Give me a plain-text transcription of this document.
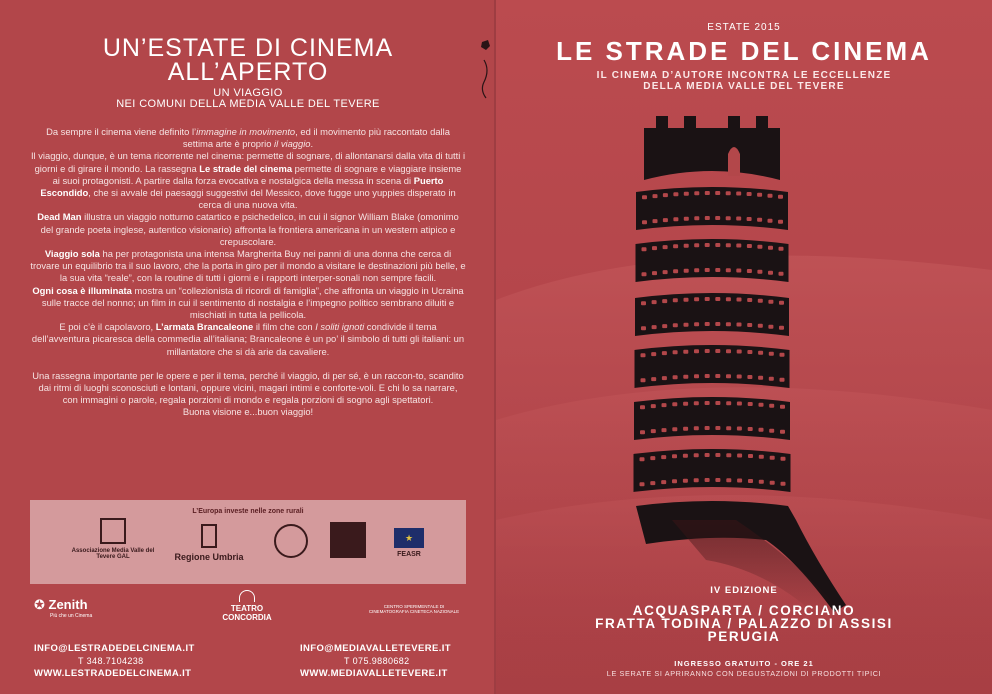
UN’ESTATE DI CINEMA
ALL’APERTO
UN VIAGGIO
NEI COMUNI DELLA MEDIA VALLE DEL TEVERE

Da sempre il cinema viene definito l’immagine in movimento, ed il movimento più raccontato dalla settima arte è proprio il viaggio.

Il viaggio, dunque, è un tema ricorrente nel cinema: permette di sognare, di allontanarsi dalla vita di tutti i giorni e di girare il mondo. La rassegna Le strade del cinema permette di sognare e viaggiare insieme ai suoi protagonisti. A partire dalla forza evocativa e nostalgica della messa in scena di Puerto Escondido, che si avvale dei paesaggi suggestivi del Messico, dove fugge uno yuppies disperato in cerca di una nuova vita.

Dead Man illustra un viaggio notturno catartico e psichedelico, in cui il signor William Blake (omonimo del grande poeta inglese, autentico visionario) affronta la frontiera americana in un western atipico e crepuscolare.

Viaggio sola ha per protagonista una intensa Margherita Buy nei panni di una donna che cerca di trovare un equilibrio tra il suo lavoro, che la porta in giro per il mondo a visitare le destinazioni più belle, e la sua vita “reale”, con la routine di tutti i giorni e i rapporti interper-sonali non sempre facili.

Ogni cosa è illuminata mostra un “collezionista di ricordi di famiglia”, che affronta un viaggio in Ucraina sulle tracce del nonno; un film in cui il sentimento di nostalgia e l’impegno politico sembrano diluiti e mischiati in tutta la pellicola.

E poi c’è il capolavoro, L’armata Brancaleone il film che con I soliti ignoti condivide il tema dell’avventura picaresca della commedia all’italiana; Brancaleone è un po’ il simbolo di tutti gli italiani: un millantatore che si dà arie da cavaliere.

Una rassegna importante per le opere e per il tema, perché il viaggio, di per sé, è un raccon-to, scandito dai ritmi di luoghi sconosciuti e lontani, oppure vicini, magari intimi e conforte-voli. E chi lo sa narrare, con immagini o parole, regala porzioni di mondo e regala porzioni di sogno agli spettatori.

Buona visione e...buon viaggio!

L’Europa investe nelle zone rurali
Associazione Media Valle del Tevere GAL	Regione Umbria
★
FEASR
✪ Zenith
Più che un Cinema
TEATRO
CONCORDIA
CENTRO SPERIMENTALE DI CINEMATOGRAFIA CINETECA NAZIONALE
INFO@LESTRADEDELCINEMA.IT
T 348.7104238
WWW.LESTRADEDELCINEMA.IT
INFO@MEDIAVALLETEVERE.IT
T 075.9880682
WWW.MEDIAVALLETEVERE.IT
ESTATE 2015
LE STRADE DEL CINEMA
IL CINEMA D’AUTORE INCONTRA LE ECCELLENZE
DELLA MEDIA VALLE DEL TEVERE
IV EDIZIONE
ACQUASPARTA / CORCIANO
FRATTA TODINA / PALAZZO DI ASSISI
PERUGIA
INGRESSO GRATUITO - ORE 21
LE SERATE SI APRIRANNO CON DEGUSTAZIONI DI PRODOTTI TIPICI
